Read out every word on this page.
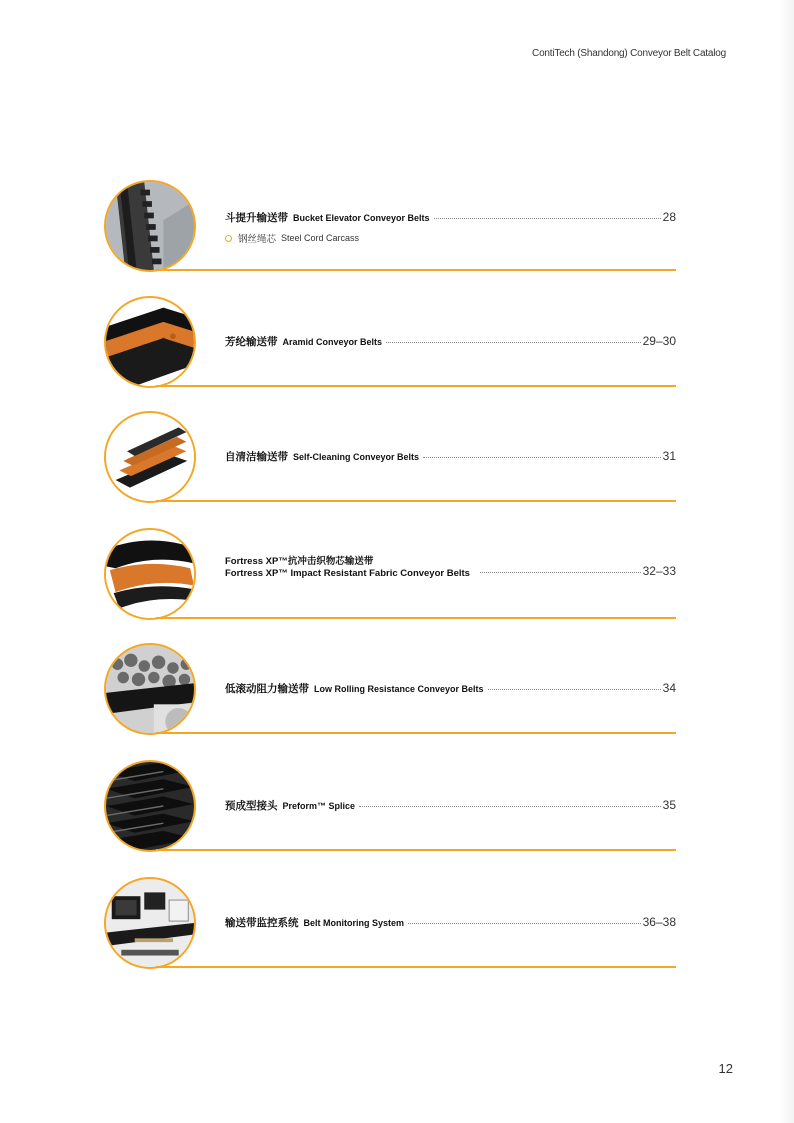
ContiTech (Shandong) Conveyor Belt Catalog
斗提升输送带 Bucket Elevator Conveyor Belts	28
钢丝绳芯 Steel Cord Carcass
芳纶输送带 Aramid Conveyor Belts	29–30
自清洁输送带 Self-Cleaning Conveyor Belts	31
Fortress XP™抗冲击织物芯输送带
Fortress XP™ Impact Resistant Fabric Conveyor Belts	32–33
低滚动阻力输送带 Low Rolling Resistance Conveyor Belts	34
预成型接头 Preform™ Splice	35
输送带监控系统 Belt Monitoring System	36–38
12
